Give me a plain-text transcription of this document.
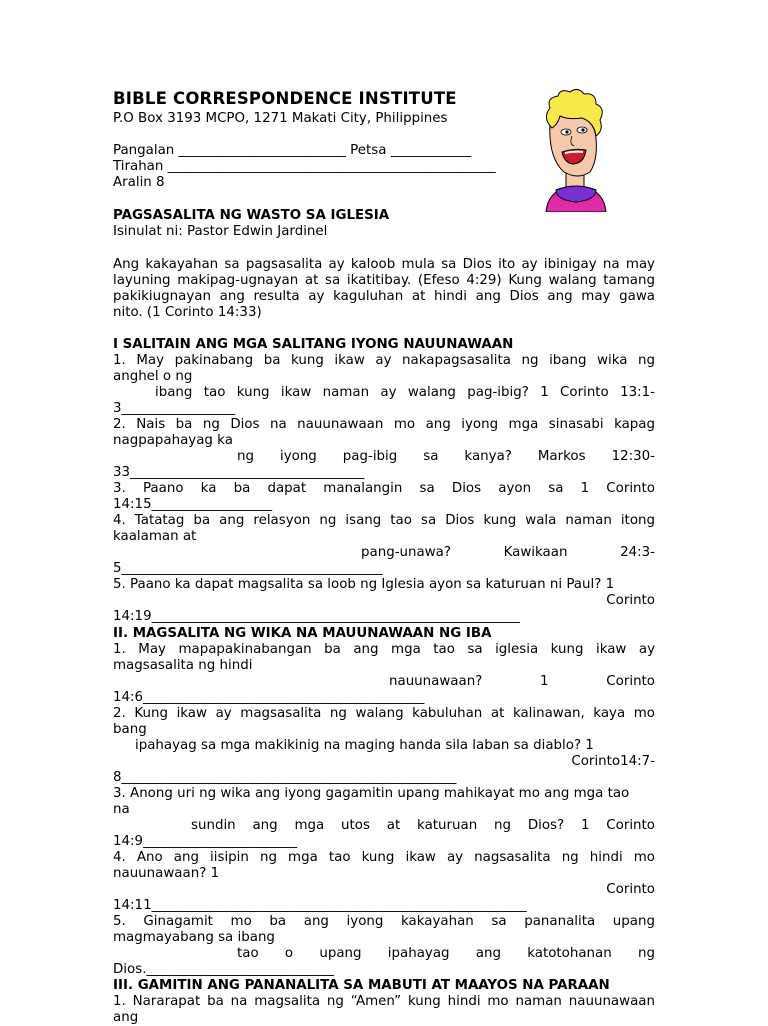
BIBLE CORRESPONDENCE INSTITUTE
P.O Box 3193 MCPO, 1271 Makati City, Philippines
Pangalan _________________________ Petsa ____________
Tirahan _________________________________________________
Aralin 8
PAGSASALITA NG WASTO SA IGLESIA
Isinulat ni: Pastor Edwin Jardinel
Ang kakayahan sa pagsasalita ay kaloob mula sa Dios ito ay ibinigay na may
layuning makipag-ugnayan at sa ikatitibay. (Efeso 4:29) Kung walang tamang
pakikiugnayan ang resulta ay kaguluhan at hindi ang Dios ang may gawa
nito. (1 Corinto 14:33)
I SALITAIN ANG MGA SALITANG IYONG NAUUNAWAAN
1. May pakinabang ba kung ikaw ay nakapagsasalita ng ibang wika ng
anghel o ng
ibang tao kung ikaw naman ay walang pag-ibig? 1 Corinto 13:1-
3_________________
2. Nais ba ng Dios na nauunawaan mo ang iyong mga sinasabi kapag
nagpapahayag ka
ng iyong pag-ibig sa kanya? Markos 12:30-
33___________________________________
3. Paano ka ba dapat manalangin sa Dios ayon sa 1 Corinto
14:15__________________
4. Tatatag ba ang relasyon ng isang tao sa Dios kung wala naman itong
kaalaman at
pang-unawa? Kawikaan 24:3-
5_______________________________________
5. Paano ka dapat magsalita sa loob ng Iglesia ayon sa katuruan ni Paul? 1
Corinto
14:19_______________________________________________________
II. MAGSALITA NG WIKA NA MAUUNAWAAN NG IBA
1. May mapapakinabangan ba ang mga tao sa iglesia kung ikaw ay
magsasalita ng hindi
nauunawaan? 1 Corinto
14:6__________________________________________
2. Kung ikaw ay magsasalita ng walang kabuluhan at kalinawan, kaya mo
bang
ipahayag sa mga makikinig na maging handa sila laban sa diablo? 1
Corinto14:7-
8__________________________________________________
3. Anong uri ng wika ang iyong gagamitin upang mahikayat mo ang mga tao
na
sundin ang mga utos at katuruan ng Dios? 1 Corinto
14:9_______________________
4. Ano ang iisipin ng mga tao kung ikaw ay nagsasalita ng hindi mo
nauunawaan? 1
Corinto
14:11________________________________________________________
5. Ginagamit mo ba ang iyong kakayahan sa pananalita upang
magmayabang sa ibang
tao o upang ipahayag ang katotohanan ng
Dios.____________________________
III. GAMITIN ANG PANANALITA SA MABUTI AT MAAYOS NA PARAAN
1. Nararapat ba na magsalita ng “Amen” kung hindi mo naman nauunawaan
ang
